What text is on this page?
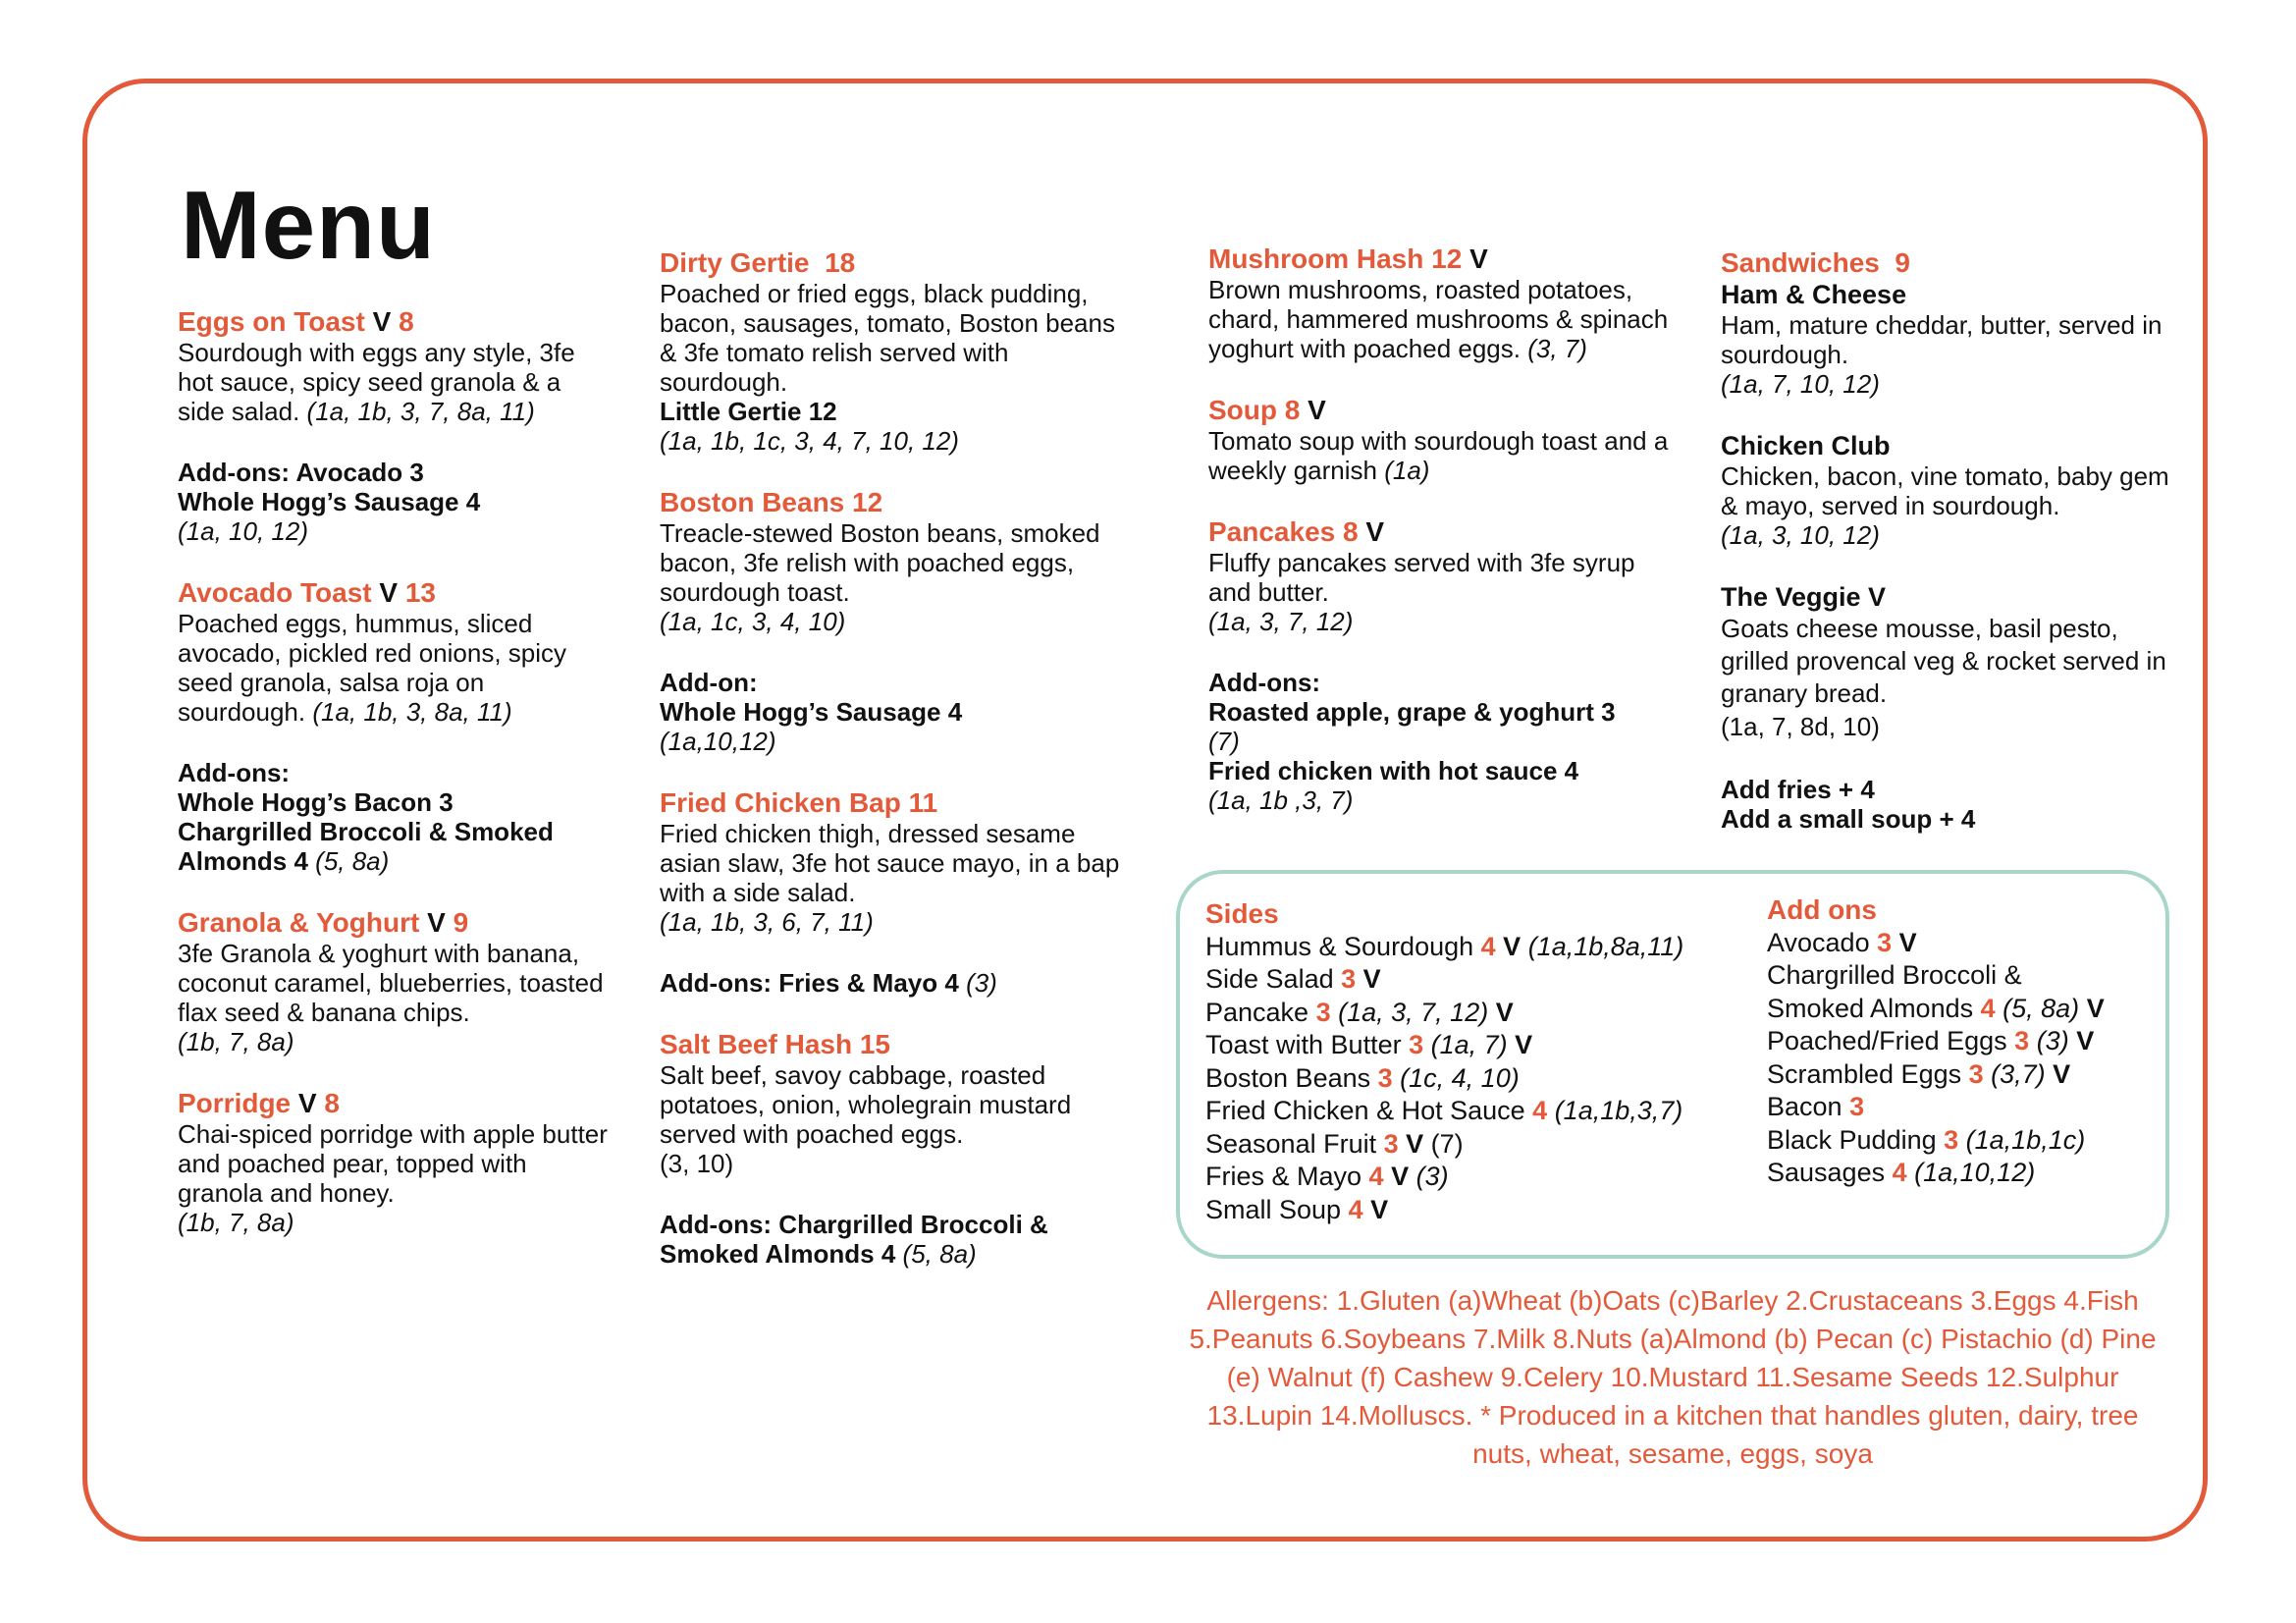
Menu
Eggs on Toast V 8
Sourdough with eggs any style, 3fe hot sauce, spicy seed granola & a side salad. (1a, 1b, 3, 7, 8a, 11)
Add-ons: Avocado 3
Whole Hogg’s Sausage 4
(1a, 10, 12)
Avocado Toast V 13
Poached eggs, hummus, sliced avocado, pickled red onions, spicy seed granola, salsa roja on sourdough. (1a, 1b, 3, 8a, 11)
Add-ons:
Whole Hogg’s Bacon 3
Chargrilled Broccoli & Smoked Almonds 4 (5, 8a)
Granola & Yoghurt V 9
3fe Granola & yoghurt with banana, coconut caramel, blueberries, toasted flax seed & banana chips.
(1b, 7, 8a)
Porridge V 8
Chai-spiced porridge with apple butter and poached pear, topped with granola and honey.
(1b, 7, 8a)
Dirty Gertie 18
Poached or fried eggs, black pudding, bacon, sausages, tomato, Boston beans & 3fe tomato relish served with sourdough.
Little Gertie 12
(1a, 1b, 1c, 3, 4, 7, 10, 12)
Boston Beans 12
Treacle-stewed Boston beans, smoked bacon, 3fe relish with poached eggs, sourdough toast.
(1a, 1c, 3, 4, 10)
Add-on:
Whole Hogg’s Sausage 4
(1a,10,12)
Fried Chicken Bap 11
Fried chicken thigh, dressed sesame asian slaw, 3fe hot sauce mayo, in a bap with a side salad.
(1a, 1b, 3, 6, 7, 11)
Add-ons: Fries & Mayo 4 (3)
Salt Beef Hash 15
Salt beef, savoy cabbage, roasted potatoes, onion, wholegrain mustard served with poached eggs.
(3, 10)
Add-ons: Chargrilled Broccoli & Smoked Almonds 4 (5, 8a)
Mushroom Hash 12 V
Brown mushrooms, roasted potatoes, chard, hammered mushrooms & spinach yoghurt with poached eggs. (3, 7)
Soup 8 V
Tomato soup with sourdough toast and a weekly garnish (1a)
Pancakes 8 V
Fluffy pancakes served with 3fe syrup and butter.
(1a, 3, 7, 12)
Add-ons:
Roasted apple, grape & yoghurt 3
(7)
Fried chicken with hot sauce 4
(1a, 1b ,3, 7)
Sandwiches 9
Ham & Cheese
Ham, mature cheddar, butter, served in sourdough.
(1a, 7, 10, 12)
Chicken Club
Chicken, bacon, vine tomato, baby gem & mayo, served in sourdough.
(1a, 3, 10, 12)
The Veggie V
Goats cheese mousse, basil pesto, grilled provencal veg & rocket served in granary bread.
(1a, 7, 8d, 10)
Add fries + 4
Add a small soup + 4
Sides
Hummus & Sourdough 4 V (1a,1b,8a,11)
Side Salad 3 V
Pancake 3 (1a, 3, 7, 12) V
Toast with Butter 3 (1a, 7) V
Boston Beans 3 (1c, 4, 10)
Fried Chicken & Hot Sauce 4 (1a,1b,3,7)
Seasonal Fruit 3 V (7)
Fries & Mayo 4 V (3)
Small Soup 4 V
Add ons
Avocado 3 V
Chargrilled Broccoli &
Smoked Almonds 4 (5, 8a) V
Poached/Fried Eggs 3 (3) V
Scrambled Eggs 3 (3,7) V
Bacon 3
Black Pudding 3 (1a,1b,1c)
Sausages 4 (1a,10,12)
Allergens: 1.Gluten (a)Wheat (b)Oats (c)Barley 2.Crustaceans 3.Eggs 4.Fish 5.Peanuts 6.Soybeans 7.Milk 8.Nuts (a)Almond (b) Pecan (c) Pistachio (d) Pine (e) Walnut (f) Cashew 9.Celery 10.Mustard 11.Sesame Seeds 12.Sulphur 13.Lupin 14.Molluscs. * Produced in a kitchen that handles gluten, dairy, tree nuts, wheat, sesame, eggs, soya
